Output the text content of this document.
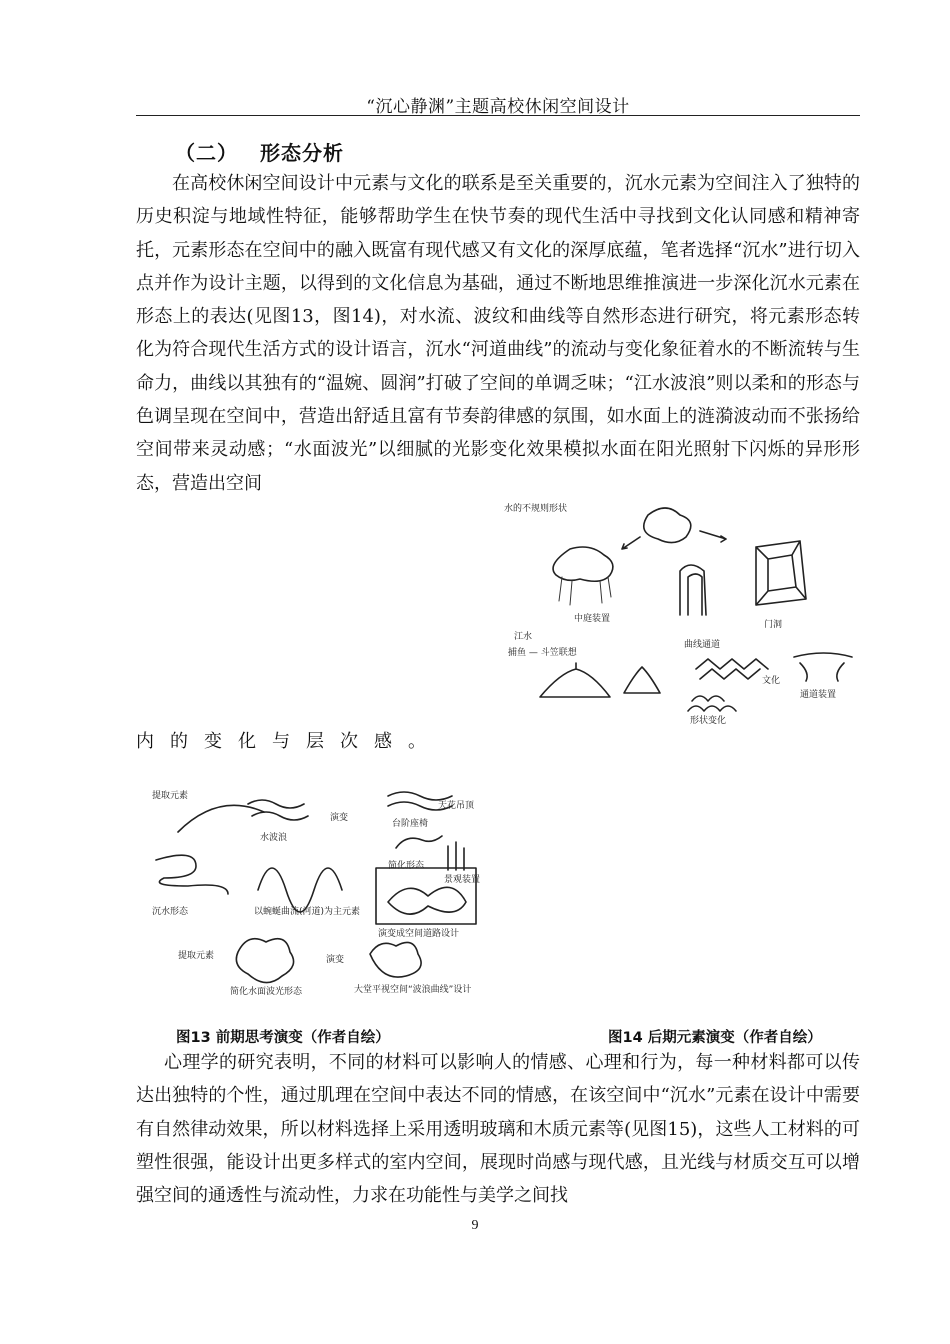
“沉心静渊”主题高校休闲空间设计
（二） 形态分析
在高校休闲空间设计中元素与文化的联系是至关重要的，沉水元素为空间注入了独特的历史积淀与地域性特征，能够帮助学生在快节奏的现代生活中寻找到文化认同感和精神寄托，元素形态在空间中的融入既富有现代感又有文化的深厚底蕴，笔者选择“沉水”进行切入点并作为设计主题，以得到的文化信息为基础，通过不断地思维推演进一步深化沉水元素在形态上的表达(见图13，图14)，对水流、波纹和曲线等自然形态进行研究，将元素形态转化为符合现代生活方式的设计语言，沉水“河道曲线”的流动与变化象征着水的不断流转与生命力，曲线以其独有的“温婉、圆润”打破了空间的单调乏味；“江水波浪”则以柔和的形态与色调呈现在空间中，营造出舒适且富有节奏韵律感的氛围，如水面上的涟漪波动而不张扬给空间带来灵动感；“水面波光”以细腻的光影变化效果模拟水面在阳光照射下闪烁的异形形态，营造出空间
水的不规则形状
中庭装置
曲线通道
门洞
江水
捕鱼 — 斗笠联想
文化
形状变化
通道装置
内的变化与层次感。
提取元素
水波浪
演变
台阶座椅
天花吊顶
简化形态
景观装置
沉水形态	以蜿蜒曲流(河道)为主元素
演变成空间道路设计
提取元素
简化水面波光形态
演变
大堂平视空间“波浪曲线”设计
图13 前期思考演变（作者自绘）	图14 后期元素演变（作者自绘）
心理学的研究表明，不同的材料可以影响人的情感、心理和行为，每一种材料都可以传达出独特的个性，通过肌理在空间中表达不同的情感，在该空间中“沉水”元素在设计中需要有自然律动效果，所以材料选择上采用透明玻璃和木质元素等(见图15)，这些人工材料的可塑性很强，能设计出更多样式的室内空间，展现时尚感与现代感，且光线与材质交互可以增强空间的通透性与流动性，力求在功能性与美学之间找
9
